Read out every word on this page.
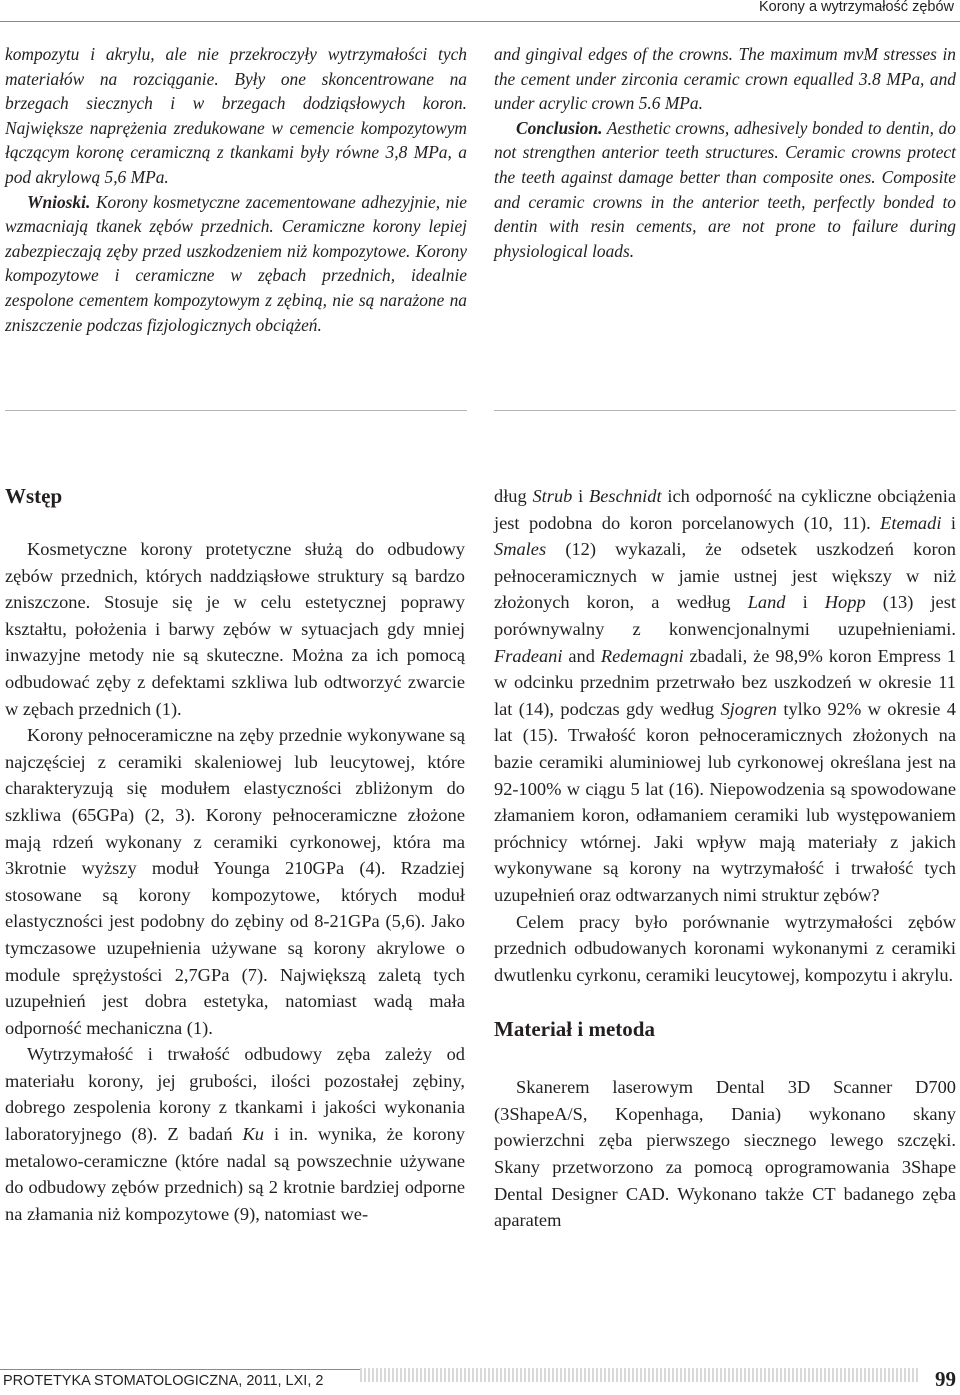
Korony a wytrzymałość zębów

kompozytu i akrylu, ale nie przekroczyły wytrzymałości tych materiałów na rozciąganie. Były one skoncentrowane na brzegach siecznych i w brzegach dodziąsłowych koron. Największe naprężenia zredukowane w cemencie kompozytowym łączącym koronę ceramiczną z tkankami były równe 3,8 MPa, a pod akrylową 5,6 MPa.

Wnioski. Korony kosmetyczne zacementowane adhezyjnie, nie wzmacniają tkanek zębów przednich. Ceramiczne korony lepiej zabezpieczają zęby przed uszkodzeniem niż kompozytowe. Korony kompozytowe i ceramiczne w zębach przednich, idealnie zespolone cementem kompozytowym z zębiną, nie są narażone na zniszczenie podczas fizjologicznych obciążeń.

and gingival edges of the crowns. The maximum mvM stresses in the cement under zirconia ceramic crown equalled 3.8 MPa, and under acrylic crown 5.6 MPa.

Conclusion. Aesthetic crowns, adhesively bonded to dentin, do not strengthen anterior teeth structures. Ceramic crowns protect the teeth against damage better than composite ones. Composite and ceramic crowns in the anterior teeth, perfectly bonded to dentin with resin cements, are not prone to failure during physiological loads.

Wstęp

Kosmetyczne korony protetyczne służą do odbudowy zębów przednich, których naddziąsłowe struktury są bardzo zniszczone. Stosuje się je w celu estetycznej poprawy kształtu, położenia i barwy zębów w sytuacjach gdy mniej inwazyjne metody nie są skuteczne. Można za ich pomocą odbudować zęby z defektami szkliwa lub odtworzyć zwarcie w zębach przednich (1).

Korony pełnoceramiczne na zęby przednie wykonywane są najczęściej z ceramiki skaleniowej lub leucytowej, które charakteryzują się modułem elastyczności zbliżonym do szkliwa (65GPa) (2, 3). Korony pełnoceramiczne złożone mają rdzeń wykonany z ceramiki cyrkonowej, która ma 3krotnie wyższy moduł Younga 210GPa (4). Rzadziej stosowane są korony kompozytowe, których moduł elastyczności jest podobny do zębiny od 8-21GPa (5,6). Jako tymczasowe uzupełnienia używane są korony akrylowe o module sprężystości 2,7GPa (7). Największą zaletą tych uzupełnień jest dobra estetyka, natomiast wadą mała odporność mechaniczna (1).

Wytrzymałość i trwałość odbudowy zęba zależy od materiału korony, jej grubości, ilości pozostałej zębiny, dobrego zespolenia korony z tkankami i jakości wykonania laboratoryjnego (8). Z badań Ku i in. wynika, że korony metalowo-ceramiczne (które nadal są powszechnie używane do odbudowy zębów przednich) są 2 krotnie bardziej odporne na złamania niż kompozytowe (9), natomiast we-

dług Strub i Beschnidt ich odporność na cykliczne obciążenia jest podobna do koron porcelanowych (10, 11). Etemadi i Smales (12) wykazali, że odsetek uszkodzeń koron pełnoceramicznych w jamie ustnej jest większy w niż złożonych koron, a według Land i Hopp (13) jest porównywalny z konwencjonalnymi uzupełnieniami. Fradeani and Redemagni zbadali, że 98,9% koron Empress 1 w odcinku przednim przetrwało bez uszkodzeń w okresie 11 lat (14), podczas gdy według Sjogren tylko 92% w okresie 4 lat (15). Trwałość koron pełnoceramicznych złożonych na bazie ceramiki aluminiowej lub cyrkonowej określana jest na 92-100% w ciągu 5 lat (16). Niepowodzenia są spowodowane złamaniem koron, odłamaniem ceramiki lub występowaniem próchnicy wtórnej. Jaki wpływ mają materiały z jakich wykonywane są korony na wytrzymałość i trwałość tych uzupełnień oraz odtwarzanych nimi struktur zębów?

Celem pracy było porównanie wytrzymałości zębów przednich odbudowanych koronami wykonanymi z ceramiki dwutlenku cyrkonu, ceramiki leucytowej, kompozytu i akrylu.

Materiał i metoda

Skanerem laserowym Dental 3D Scanner D700 (3ShapeA/S, Kopenhaga, Dania) wykonano skany powierzchni zęba pierwszego siecznego lewego szczęki. Skany przetworzono za pomocą oprogramowania 3Shape Dental Designer CAD. Wykonano także CT badanego zęba aparatem

PROTETYKA STOMATOLOGICZNA, 2011, LXI, 2	99
